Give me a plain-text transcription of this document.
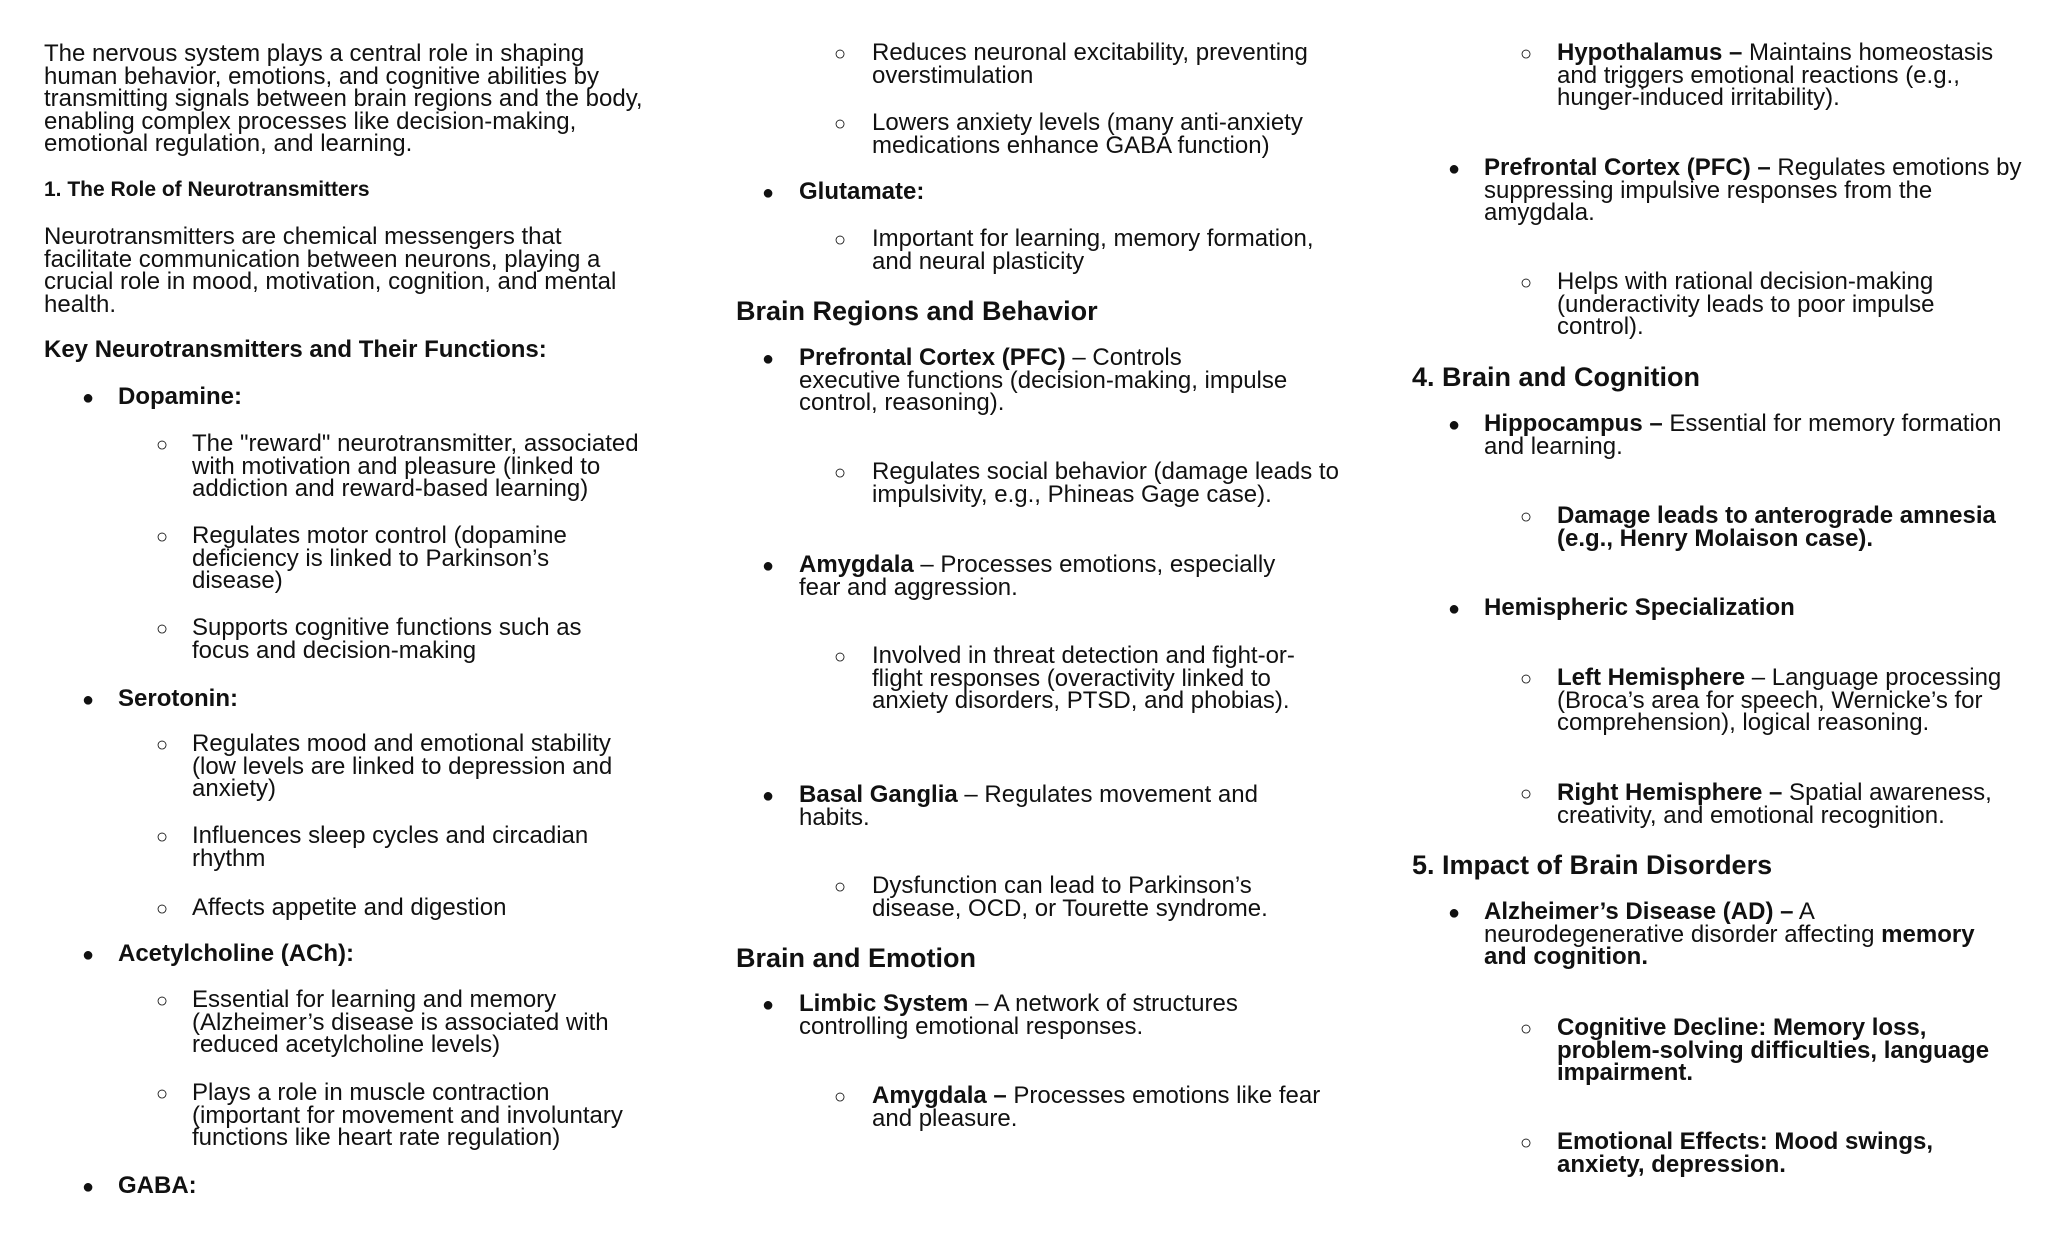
The nervous system plays a central role in shaping human behavior, emotions, and cognitive abilities by transmitting signals between brain regions and the body, enabling complex processes like decision-making, emotional regulation, and learning.

1. The Role of Neurotransmitters

Neurotransmitters are chemical messengers that facilitate communication between neurons, playing a crucial role in mood, motivation, cognition, and mental health.

Key Neurotransmitters and Their Functions:

● Dopamine:

○ The "reward" neurotransmitter, associated with motivation and pleasure (linked to addiction and reward-based learning)

○ Regulates motor control (dopamine deficiency is linked to Parkinson’s disease)

○ Supports cognitive functions such as focus and decision-making

● Serotonin:

○ Regulates mood and emotional stability (low levels are linked to depression and anxiety)

○ Influences sleep cycles and circadian rhythm

○ Affects appetite and digestion

● Acetylcholine (ACh):

○ Essential for learning and memory (Alzheimer’s disease is associated with reduced acetylcholine levels)

○ Plays a role in muscle contraction (important for movement and involuntary functions like heart rate regulation)

● GABA:

○ Reduces neuronal excitability, preventing overstimulation

○ Lowers anxiety levels (many anti-anxiety medications enhance GABA function)

● Glutamate:

○ Important for learning, memory formation, and neural plasticity

Brain Regions and Behavior

● Prefrontal Cortex (PFC) – Controls executive functions (decision-making, impulse control, reasoning).

○ Regulates social behavior (damage leads to impulsivity, e.g., Phineas Gage case).

● Amygdala – Processes emotions, especially fear and aggression.

○ Involved in threat detection and fight-or-flight responses (overactivity linked to anxiety disorders, PTSD, and phobias).

● Basal Ganglia – Regulates movement and habits.

○ Dysfunction can lead to Parkinson’s disease, OCD, or Tourette syndrome.

Brain and Emotion

● Limbic System – A network of structures controlling emotional responses.

○ Amygdala – Processes emotions like fear and pleasure.

○ Hypothalamus – Maintains homeostasis and triggers emotional reactions (e.g., hunger-induced irritability).

● Prefrontal Cortex (PFC) – Regulates emotions by suppressing impulsive responses from the amygdala.

○ Helps with rational decision-making (underactivity leads to poor impulse control).

4. Brain and Cognition

● Hippocampus – Essential for memory formation and learning.

○ Damage leads to anterograde amnesia (e.g., Henry Molaison case).

● Hemispheric Specialization

○ Left Hemisphere – Language processing (Broca’s area for speech, Wernicke’s for comprehension), logical reasoning.

○ Right Hemisphere – Spatial awareness, creativity, and emotional recognition.

5. Impact of Brain Disorders

● Alzheimer’s Disease (AD) – A neurodegenerative disorder affecting memory and cognition.

○ Cognitive Decline: Memory loss, problem-solving difficulties, language impairment.

○ Emotional Effects: Mood swings, anxiety, depression.
